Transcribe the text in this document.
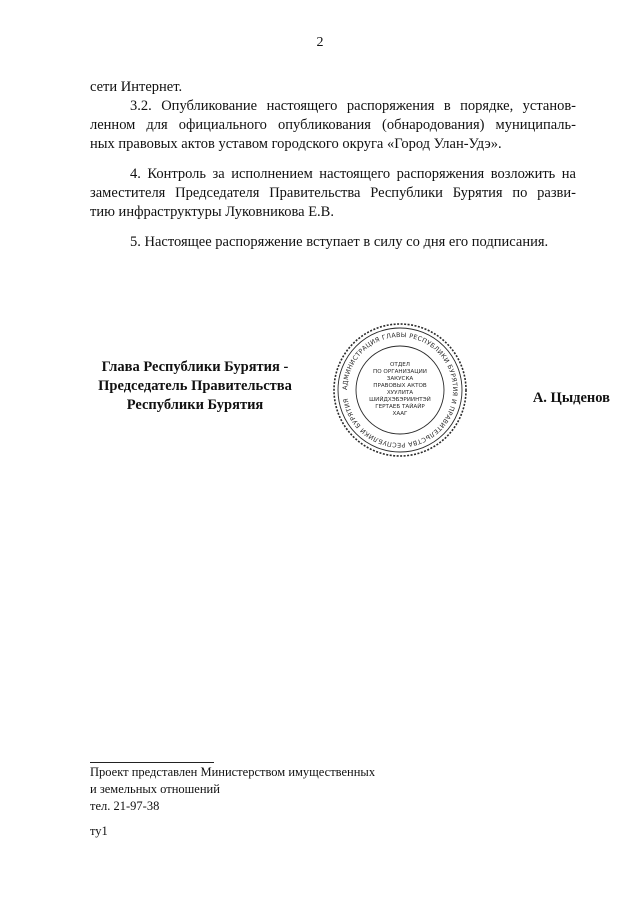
2
сети Интернет.
3.2. Опубликование настоящего распоряжения в порядке, установ-
ленном для официального опубликования (обнародования) муниципаль-
ных правовых актов уставом городского округа «Город Улан-Удэ».
4. Контроль за исполнением настоящего распоряжения возложить на
заместителя Председателя Правительства Республики Бурятия по разви-
тию инфраструктуры Луковникова Е.В.
5. Настоящее распоряжение вступает в силу со дня его подписания.
Глава Республики Бурятия -
Председатель Правительства
Республики Бурятия
АДМИНИСТРАЦИЯ ГЛАВЫ РЕСПУБЛИКИ БУРЯТИЯ И ПРАВИТЕЛЬСТВА РЕСПУБЛИКИ БУРЯТИЯ
ОТДЕЛ
ПО ОРГАНИЗАЦИИ
ЗАКУСКА
ПРАВОВЫХ АКТОВ
ХУУЛИТА
ШИЙДХЭБЭРИИНТЭЙ
ГЕРТАЕБ ТАЙАЙР
ХААГ
А. Цыденов
Проект представлен Министерством имущественных
и земельных отношений
тел. 21-97-38
ту1
